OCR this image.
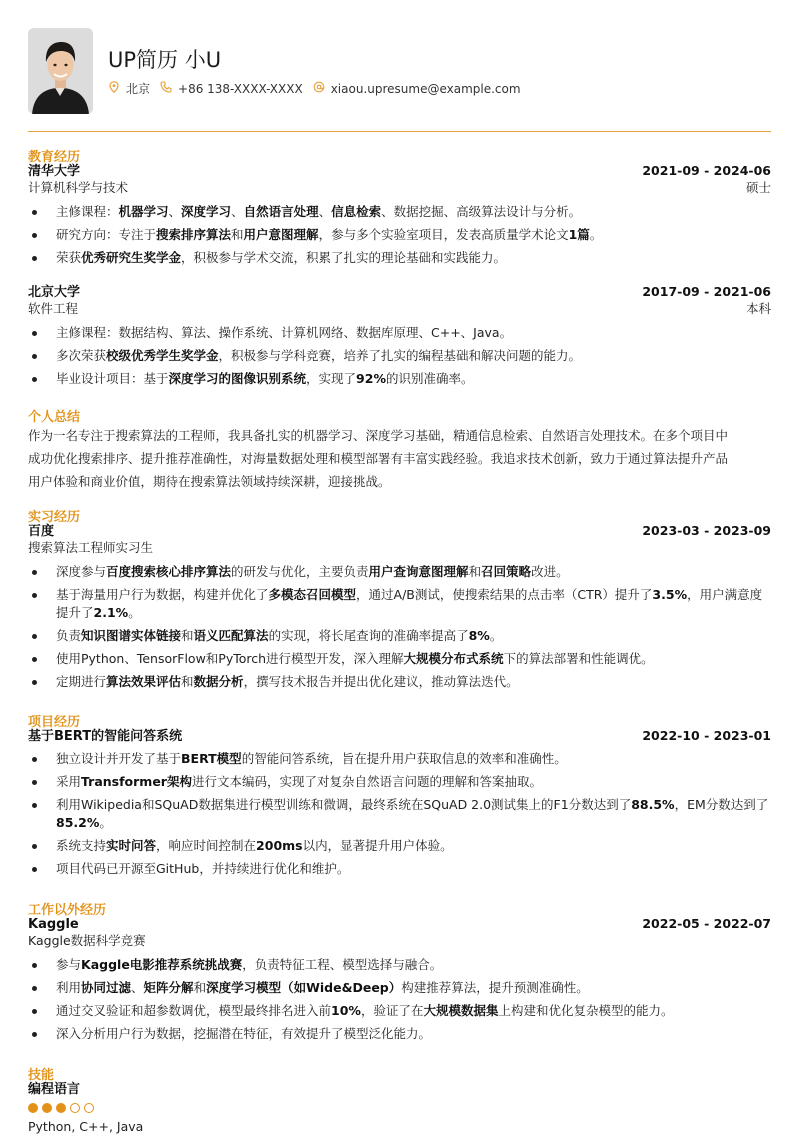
UP简历 小U
北京 +86 138-XXXX-XXXX xiaou.upresume@example.com
教育经历
清华大学	2021-09 - 2024-06
计算机科学与技术	硕士
主修课程：机器学习、深度学习、自然语言处理、信息检索、数据挖掘、高级算法设计与分析。
研究方向：专注于搜索排序算法和用户意图理解，参与多个实验室项目，发表高质量学术论文1篇。
荣获优秀研究生奖学金，积极参与学术交流，积累了扎实的理论基础和实践能力。
北京大学	2017-09 - 2021-06
软件工程	本科
主修课程：数据结构、算法、操作系统、计算机网络、数据库原理、C++、Java。
多次荣获校级优秀学生奖学金，积极参与学科竞赛，培养了扎实的编程基础和解决问题的能力。
毕业设计项目：基于深度学习的图像识别系统，实现了92%的识别准确率。
个人总结
作为一名专注于搜索算法的工程师，我具备扎实的机器学习、深度学习基础，精通信息检索、自然语言处理技术。在多个项目中
成功优化搜索排序、提升推荐准确性，对海量数据处理和模型部署有丰富实践经验。我追求技术创新，致力于通过算法提升产品
用户体验和商业价值，期待在搜索算法领域持续深耕，迎接挑战。
实习经历
百度	2023-03 - 2023-09
搜索算法工程师实习生
深度参与百度搜索核心排序算法的研发与优化，主要负责用户查询意图理解和召回策略改进。
基于海量用户行为数据，构建并优化了多模态召回模型，通过A/B测试，使搜索结果的点击率（CTR）提升了3.5%，用户满意度提升了2.1%。
负责知识图谱实体链接和语义匹配算法的实现，将长尾查询的准确率提高了8%。
使用Python、TensorFlow和PyTorch进行模型开发，深入理解大规模分布式系统下的算法部署和性能调优。
定期进行算法效果评估和数据分析，撰写技术报告并提出优化建议，推动算法迭代。
项目经历
基于BERT的智能问答系统	2022-10 - 2023-01
独立设计并开发了基于BERT模型的智能问答系统，旨在提升用户获取信息的效率和准确性。
采用Transformer架构进行文本编码，实现了对复杂自然语言问题的理解和答案抽取。
利用Wikipedia和SQuAD数据集进行模型训练和微调，最终系统在SQuAD 2.0测试集上的F1分数达到了88.5%，EM分数达到了85.2%。
系统支持实时问答，响应时间控制在200ms以内，显著提升用户体验。
项目代码已开源至GitHub，并持续进行优化和维护。
工作以外经历
Kaggle	2022-05 - 2022-07
Kaggle数据科学竞赛
参与Kaggle电影推荐系统挑战赛，负责特征工程、模型选择与融合。
利用协同过滤、矩阵分解和深度学习模型（如Wide&Deep）构建推荐算法，提升预测准确性。
通过交叉验证和超参数调优，模型最终排名进入前10%，验证了在大规模数据集上构建和优化复杂模型的能力。
深入分析用户行为数据，挖掘潜在特征，有效提升了模型泛化能力。
技能
编程语言
Python, C++, Java
